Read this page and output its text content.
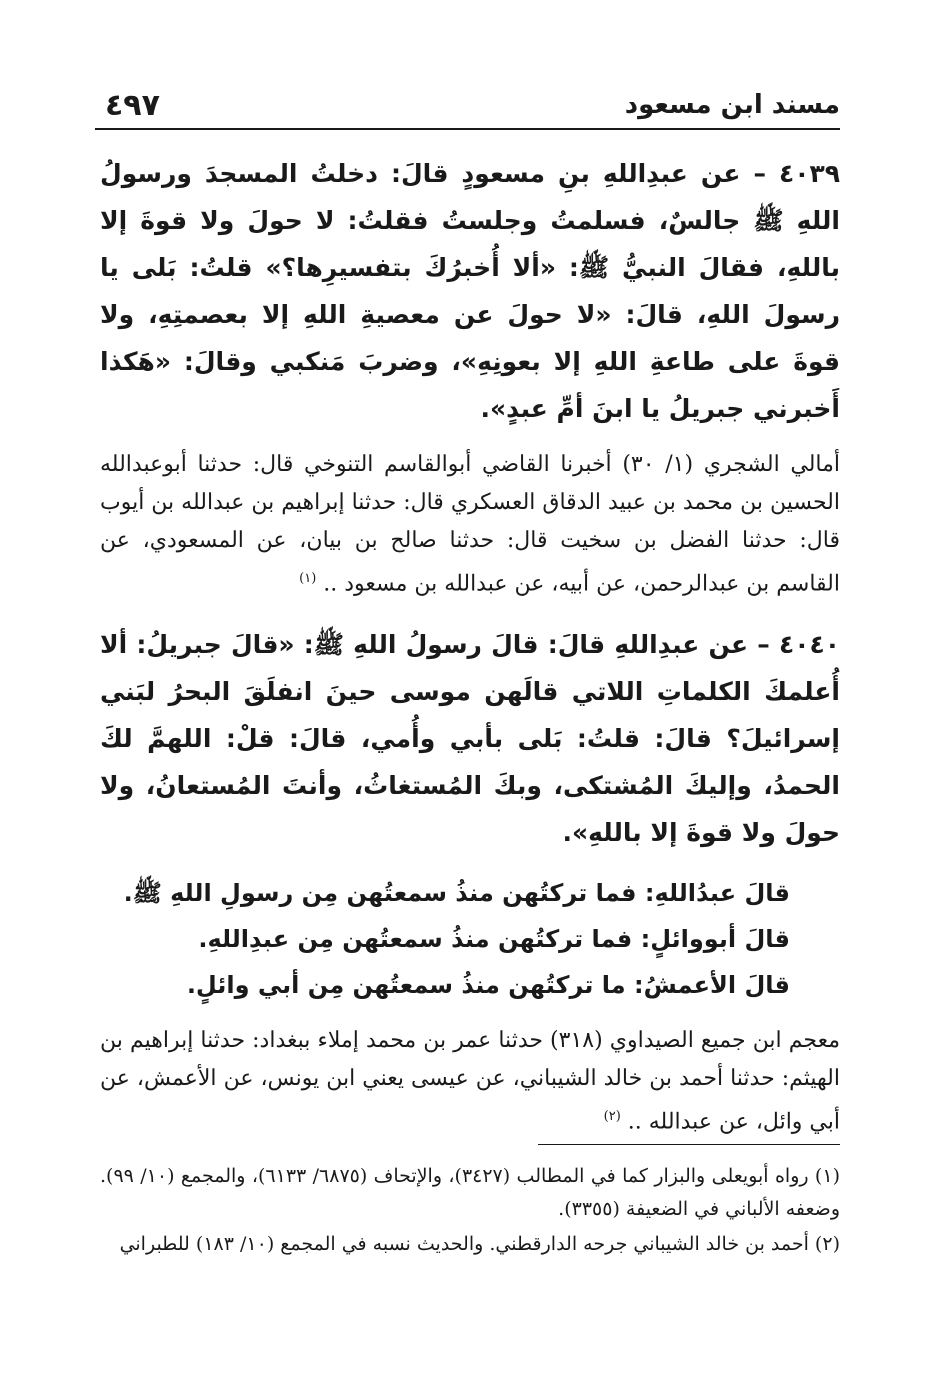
مسند ابن مسعود
٤٩٧

٤٠٣٩ – عن عبدِاللهِ بنِ مسعودٍ قالَ: دخلتُ المسجدَ ورسولُ اللهِ ﷺ جالسٌ، فسلمتُ وجلستُ فقلتُ: لا حولَ ولا قوةَ إلا باللهِ، فقالَ النبيُّ ﷺ: «ألا أُخبرُكَ بتفسيرِها؟» قلتُ: بَلى يا رسولَ اللهِ، قالَ: «لا حولَ عن معصيةِ اللهِ إلا بعصمتِهِ، ولا قوةَ على طاعةِ اللهِ إلا بعونِهِ»، وضربَ مَنكبي وقالَ: «هَكذا أَخبرني جبريلُ يا ابنَ أمِّ عبدٍ».

أمالي الشجري (١/ ٣٠) أخبرنا القاضي أبوالقاسم التنوخي قال: حدثنا أبوعبدالله الحسين بن محمد بن عبيد الدقاق العسكري قال: حدثنا إبراهيم بن عبدالله بن أيوب قال: حدثنا الفضل بن سخيت قال: حدثنا صالح بن بيان، عن المسعودي، عن القاسم بن عبدالرحمن، عن أبيه، عن عبدالله بن مسعود .. $^{(١)}$

٤٠٤٠ – عن عبدِاللهِ قالَ: قالَ رسولُ اللهِ ﷺ: «قالَ جبريلُ: ألا أُعلمكَ الكلماتِ اللاتي قالَهن موسى حينَ انفلَقَ البحرُ لبَني إسرائيلَ؟ قالَ: قلتُ: بَلى بأبي وأُمي، قالَ: قلْ: اللهمَّ لكَ الحمدُ، وإليكَ المُشتكى، وبكَ المُستغاثُ، وأنتَ المُستعانُ، ولا حولَ ولا قوةَ إلا باللهِ».

قالَ عبدُاللهِ: فما تركتُهن منذُ سمعتُهن مِن رسولِ اللهِ ﷺ.
قالَ أبووائلٍ: فما تركتُهن منذُ سمعتُهن مِن عبدِاللهِ.
قالَ الأعمشُ: ما تركتُهن منذُ سمعتُهن مِن أبي وائلٍ.

معجم ابن جميع الصيداوي (٣١٨) حدثنا عمر بن محمد إملاء ببغداد: حدثنا إبراهيم بن الهيثم: حدثنا أحمد بن خالد الشيباني، عن عيسى يعني ابن يونس، عن الأعمش، عن أبي وائل، عن عبدالله .. $^{(٢)}$

(١) رواه أبويعلى والبزار كما في المطالب (٣٤٢٧)، والإتحاف (٦٨٧٥/ ٦١٣٣)، والمجمع (١٠/ ٩٩). وضعفه الألباني في الضعيفة (٣٣٥٥).

(٢) أحمد بن خالد الشيباني جرحه الدارقطني. والحديث نسبه في المجمع (١٠/ ١٨٣) للطبراني
